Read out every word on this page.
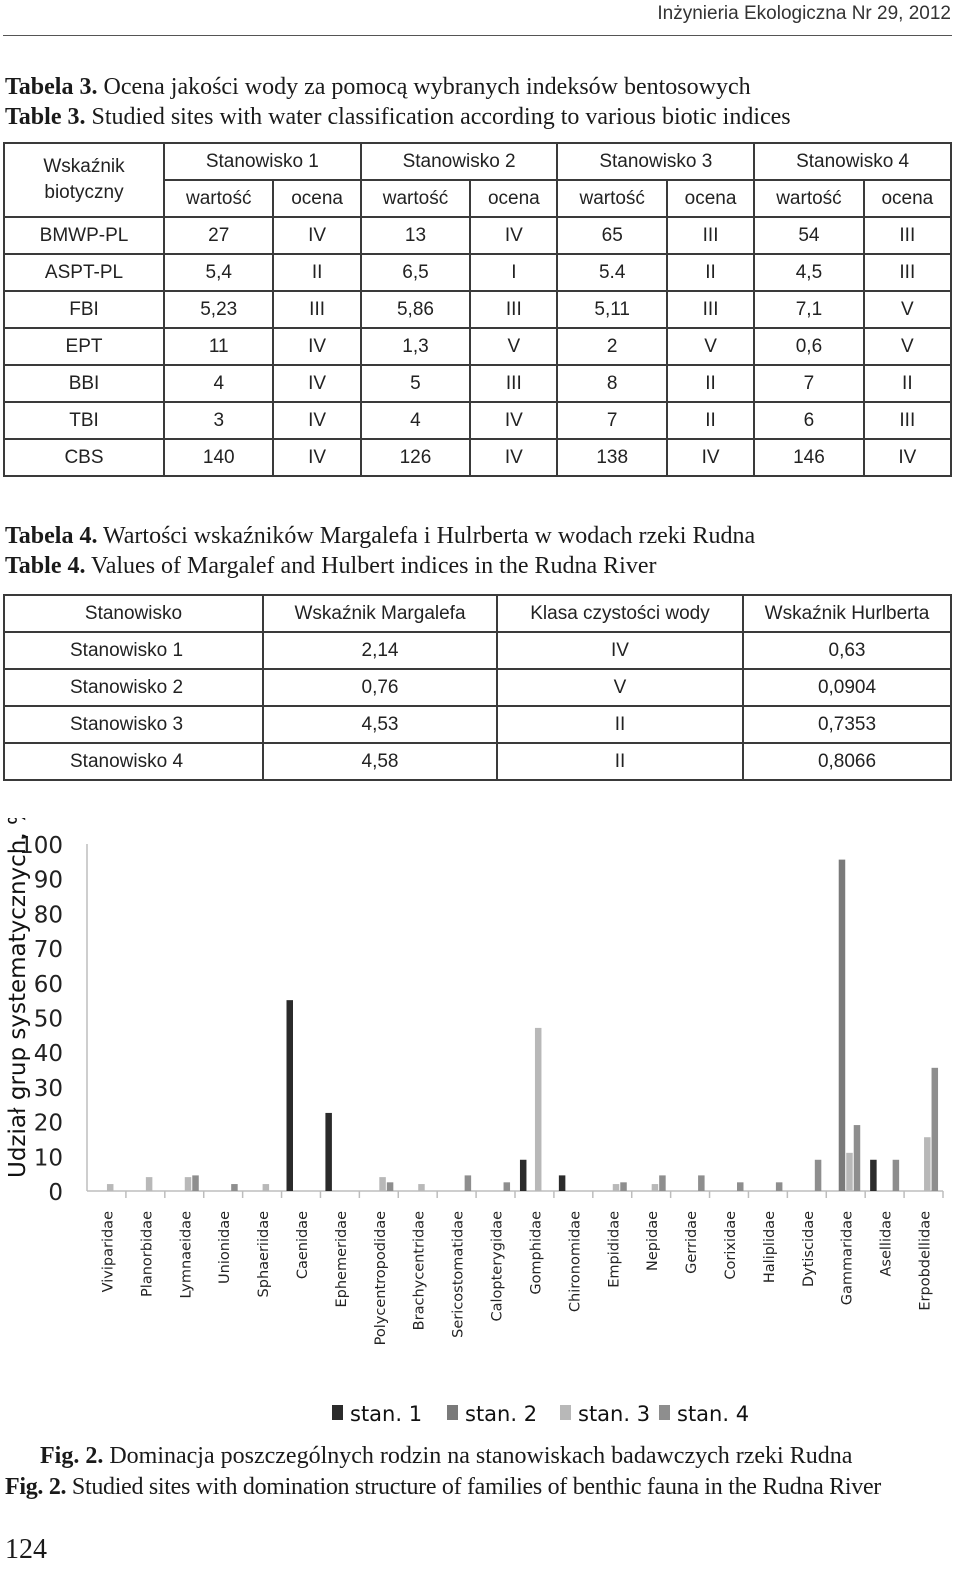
Inżynieria Ekologiczna Nr 29, 2012
Tabela 3. Ocena jakości wody za pomocą wybranych indeksów bentosowych
Table 3. Studied sites with water classification according to various biotic indices
Wskaźnik biotyczny	Stanowisko 1		Stanowisko 2		Stanowisko 3		Stanowisko 4	
	wartość	ocena	wartość	ocena	wartość	ocena	wartość	ocena
BMWP-PL	27	IV	13	IV	65	III	54	III
ASPT-PL	5,4	II	6,5	I	5.4	II	4,5	III
FBI	5,23	III	5,86	III	5,11	III	7,1	V
EPT	11	IV	1,3	V	2	V	0,6	V
BBI	4	IV	5	III	8	II	7	II
TBI	3	IV	4	IV	7	II	6	III
CBS	140	IV	126	IV	138	IV	146	IV
Tabela 4. Wartości wskaźników Margalefa i Hulrberta w wodach rzeki Rudna
Table 4. Values of Margalef and Hulbert indices in the Rudna River
Stanowisko	Wskaźnik Margalefa	Klasa czystości wody	Wskaźnik Hurlberta
Stanowisko 1	2,14	IV	0,63
Stanowisko 2	0,76	V	0,0904
Stanowisko 3	4,53	II	0,7353
Stanowisko 4	4,58	II	0,8066
0
10
20
30
40
50
60
70
80
90
100
Udział grup systematycznych, %
Viviparidae Planorbidae Lymnaeidae Unionidae Sphaeriidae Caenidae Ephemeridae Polycentropodidae Brachycentridae Sericostomatidae Calopterygidae Gomphidae Chironomidae Empididae Nepidae Gerridae Corixidae Haliplidae Dytiscidae Gammaridae Asellidae Erpobdellidae
stan. 1 stan. 2 stan. 3 stan. 4
Fig. 2. Dominacja poszczególnych rodzin na stanowiskach badawczych rzeki Rudna
Fig. 2. Studied sites with domination structure of families of benthic fauna in the Rudna River
124
